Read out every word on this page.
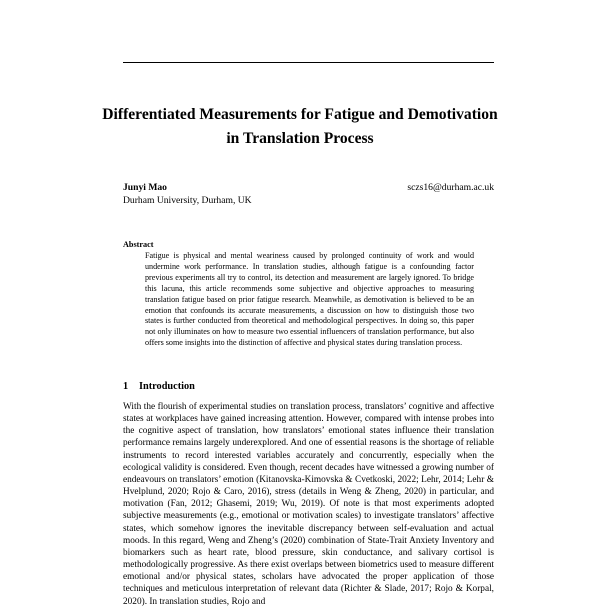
Differentiated Measurements for Fatigue and Demotivation in Translation Process
Junyi Mao
Durham University, Durham, UK
sczs16@durham.ac.uk
Abstract

Fatigue is physical and mental weariness caused by prolonged continuity of work and would undermine work performance. In translation studies, although fatigue is a confounding factor previous experiments all try to control, its detection and measurement are largely ignored. To bridge this lacuna, this article recommends some subjective and objective approaches to measuring translation fatigue based on prior fatigue research. Meanwhile, as demotivation is believed to be an emotion that confounds its accurate measurements, a discussion on how to distinguish those two states is further conducted from theoretical and methodological perspectives. In doing so, this paper not only illuminates on how to measure two essential influencers of translation performance, but also offers some insights into the distinction of affective and physical states during translation process.

1 Introduction

With the flourish of experimental studies on translation process, translators’ cognitive and affective states at workplaces have gained increasing attention. However, compared with intense probes into the cognitive aspect of translation, how translators’ emotional states influence their translation performance remains largely underexplored. And one of essential reasons is the shortage of reliable instruments to record interested variables accurately and concurrently, especially when the ecological validity is considered. Even though, recent decades have witnessed a growing number of endeavours on translators’ emotion (Kitanovska-Kimovska & Cvetkoski, 2022; Lehr, 2014; Lehr & Hvelplund, 2020; Rojo & Caro, 2016), stress (details in Weng & Zheng, 2020) in particular, and motivation (Fan, 2012; Ghasemi, 2019; Wu, 2019). Of note is that most experiments adopted subjective measurements (e.g., emotional or motivation scales) to investigate translators’ affective states, which somehow ignores the inevitable discrepancy between self-evaluation and actual moods. In this regard, Weng and Zheng’s (2020) combination of State-Trait Anxiety Inventory and biomarkers such as heart rate, blood pressure, skin conductance, and salivary cortisol is methodologically progressive. As there exist overlaps between biometrics used to measure different emotional and/or physical states, scholars have advocated the proper application of those techniques and meticulous interpretation of relevant data (Richter & Slade, 2017; Rojo & Korpal, 2020). In translation studies, Rojo and
